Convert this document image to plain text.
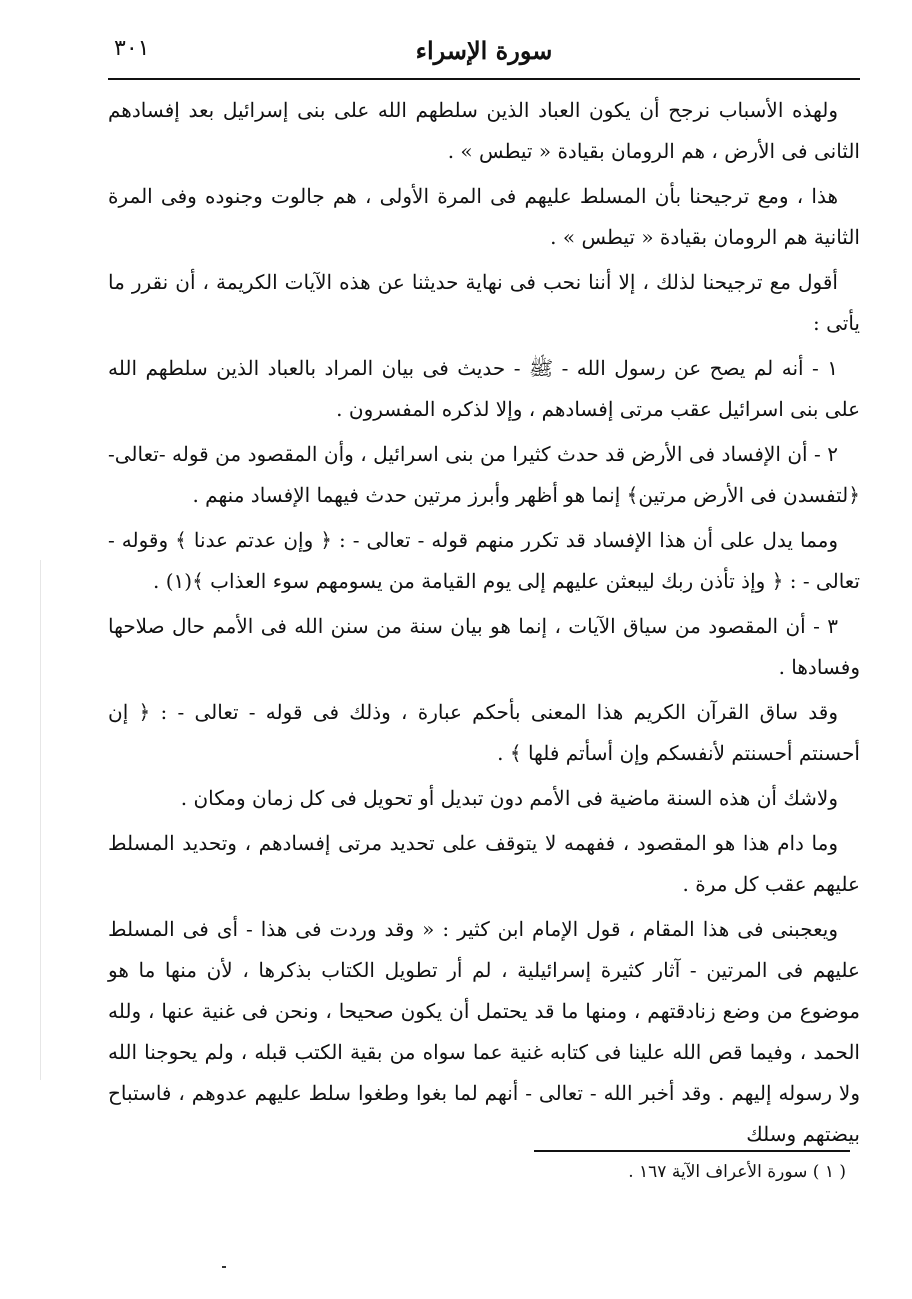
٣٠١	سورة الإسراء

ولهذه الأسباب نرجح أن يكون العباد الذين سلطهم الله على بنى إسرائيل بعد إفسادهم الثانى فى الأرض ، هم الرومان بقيادة « تيطس » .

هذا ، ومع ترجيحنا بأن المسلط عليهم فى المرة الأولى ، هم جالوت وجنوده وفى المرة الثانية هم الرومان بقيادة « تيطس » .

أقول مع ترجيحنا لذلك ، إلا أننا نحب فى نهاية حديثنا عن هذه الآيات الكريمة ، أن نقرر ما يأتى :

١ - أنه لم يصح عن رسول الله - ﷺ - حديث فى بيان المراد بالعباد الذين سلطهم الله على بنى اسرائيل عقب مرتى إفسادهم ، وإلا لذكره المفسرون .

٢ - أن الإفساد فى الأرض قد حدث كثيرا من بنى اسرائيل ، وأن المقصود من قوله -تعالى- ﴿لتفسدن فى الأرض مرتين﴾ إنما هو أظهر وأبرز مرتين حدث فيهما الإفساد منهم .

ومما يدل على أن هذا الإفساد قد تكرر منهم قوله - تعالى - : ﴿ وإن عدتم عدنا ﴾ وقوله - تعالى - : ﴿ وإذ تأذن ربك ليبعثن عليهم إلى يوم القيامة من يسومهم سوء العذاب ﴾(١) .

٣ - أن المقصود من سياق الآيات ، إنما هو بيان سنة من سنن الله فى الأمم حال صلاحها وفسادها .

وقد ساق القرآن الكريم هذا المعنى بأحكم عبارة ، وذلك فى قوله - تعالى - : ﴿ إن أحسنتم أحسنتم لأنفسكم وإن أسأتم فلها ﴾ .

ولاشك أن هذه السنة ماضية فى الأمم دون تبديل أو تحويل فى كل زمان ومكان .

وما دام هذا هو المقصود ، ففهمه لا يتوقف على تحديد مرتى إفسادهم ، وتحديد المسلط عليهم عقب كل مرة .

ويعجبنى فى هذا المقام ، قول الإمام ابن كثير : « وقد وردت فى هذا - أى فى المسلط عليهم فى المرتين - آثار كثيرة إسرائيلية ، لم أر تطويل الكتاب بذكرها ، لأن منها ما هو موضوع من وضع زنادقتهم ، ومنها ما قد يحتمل أن يكون صحيحا ، ونحن فى غنية عنها ، ولله الحمد ، وفيما قص الله علينا فى كتابه غنية عما سواه من بقية الكتب قبله ، ولم يحوجنا الله ولا رسوله إليهم . وقد أخبر الله - تعالى - أنهم لما بغوا وطغوا سلط عليهم عدوهم ، فاستباح بيضتهم وسلك

( ١ ) سورة الأعراف الآية ١٦٧ .
